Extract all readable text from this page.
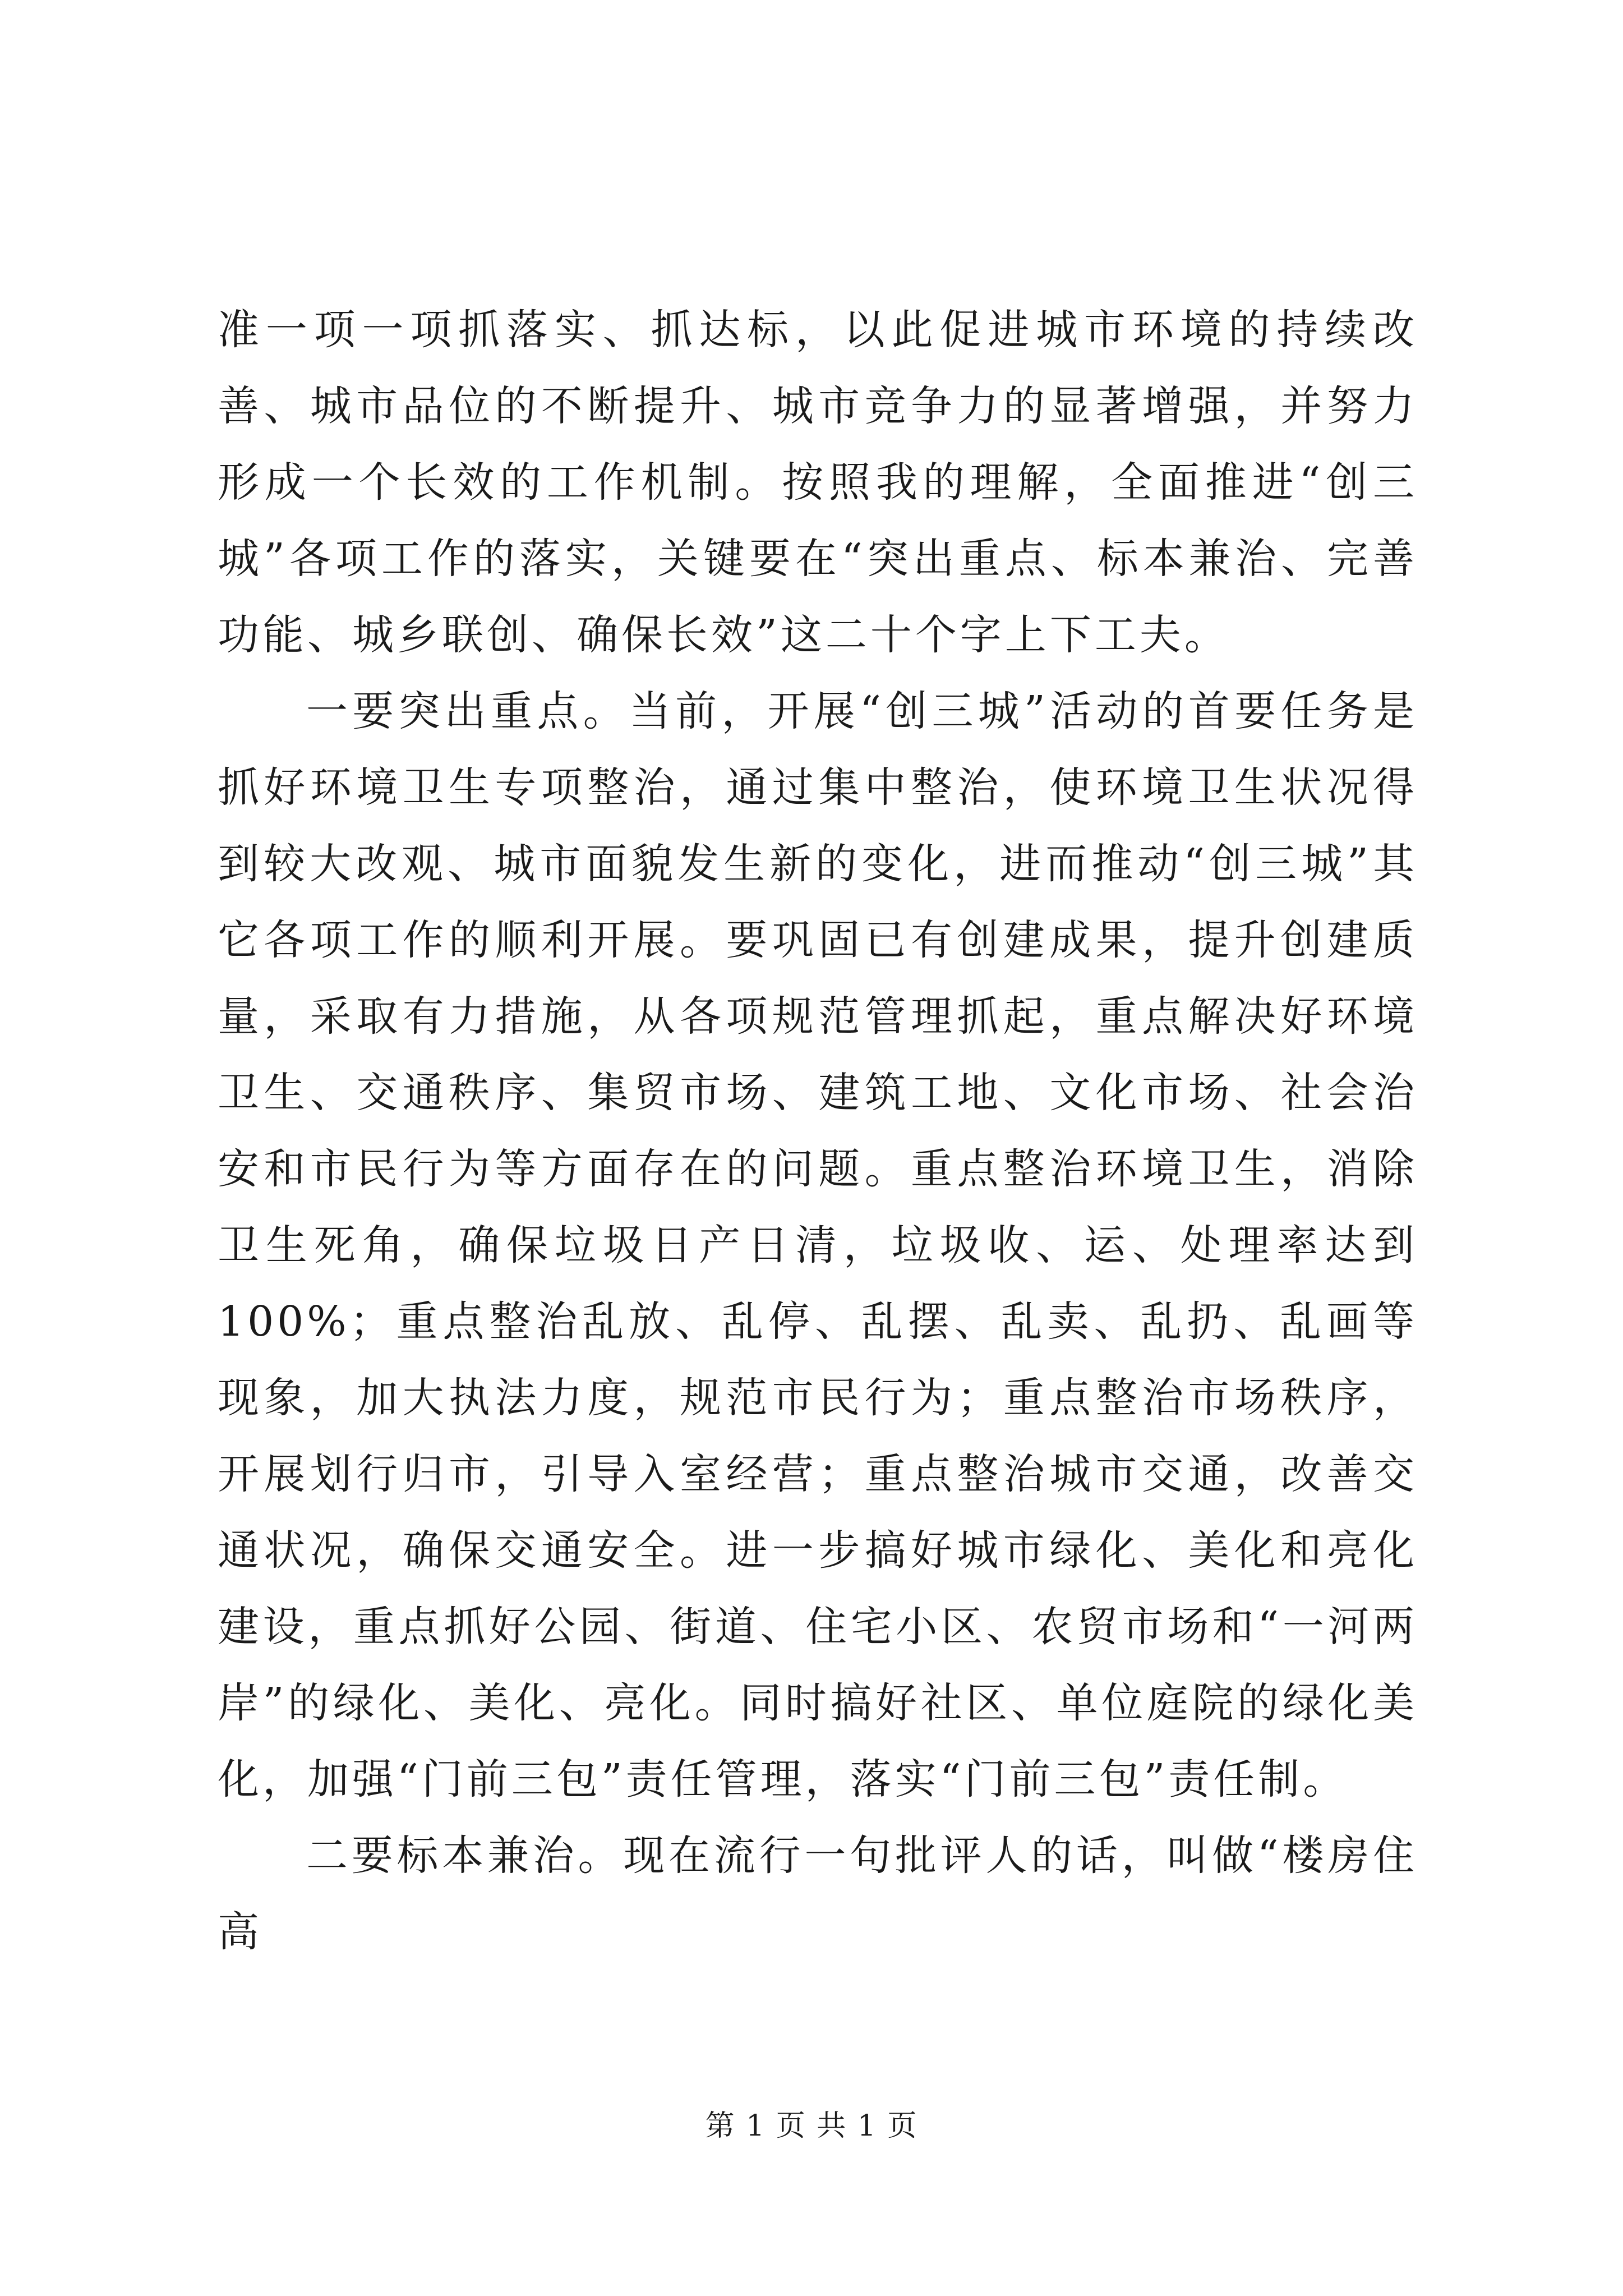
准一项一项抓落实、抓达标，以此促进城市环境的持续改善、城市品位的不断提升、城市竞争力的显著增强，并努力形成一个长效的工作机制。按照我的理解，全面推进“创三城”各项工作的落实，关键要在“突出重点、标本兼治、完善功能、城乡联创、确保长效”这二十个字上下工夫。

一要突出重点。当前，开展“创三城”活动的首要任务是抓好环境卫生专项整治，通过集中整治，使环境卫生状况得到较大改观、城市面貌发生新的变化，进而推动“创三城”其它各项工作的顺利开展。要巩固已有创建成果，提升创建质量，采取有力措施，从各项规范管理抓起，重点解决好环境卫生、交通秩序、集贸市场、建筑工地、文化市场、社会治安和市民行为等方面存在的问题。重点整治环境卫生，消除卫生死角，确保垃圾日产日清，垃圾收、运、处理率达到100%；重点整治乱放、乱停、乱摆、乱卖、乱扔、乱画等现象，加大执法力度，规范市民行为；重点整治市场秩序，开展划行归市，引导入室经营；重点整治城市交通，改善交通状况，确保交通安全。进一步搞好城市绿化、美化和亮化建设，重点抓好公园、街道、住宅小区、农贸市场和“一河两岸”的绿化、美化、亮化。同时搞好社区、单位庭院的绿化美化，加强“门前三包”责任管理，落实“门前三包”责任制。

二要标本兼治。现在流行一句批评人的话，叫做“楼房住高

第 1 页 共 1 页
